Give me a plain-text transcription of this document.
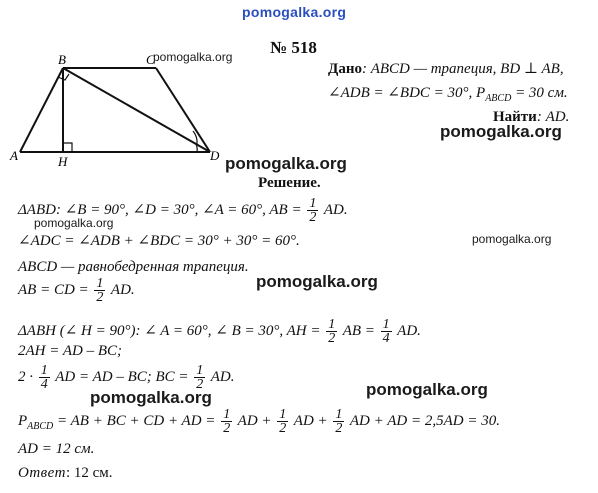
pomogalka.org
№ 518
A
B	C
D
H
pomogalka.org
Дано: ABCD — трапеция, BD ⊥ AB,
∠ADB = ∠BDC = 30°, $P_{ABCD} = 30$ см.
Найти: AD.
pomogalka.org
pomogalka.org
Решение.
ΔABD: ∠B = 90°, ∠D = 30°, ∠A = 60°, AB = $\frac{1}{2}$ AD.
pomogalka.org
∠ADC = ∠ADB + ∠BDC = 30° + 30° = 60°.	pomogalka.org
ABCD — равнобедренная трапеция.
pomogalka.org
AB = CD = $\frac{1}{2}$ AD.
ΔABH (∠ H = 90°): ∠ A = 60°, ∠ B = 30°, AH = $\frac{1}{2}$ AB = $\frac{1}{4}$ AD.
2AH = AD – BC;
$2 \cdot \frac{1}{4}$ AD = AD – BC; BC = $\frac{1}{2}$ AD.
pomogalka.org
pomogalka.org
$P_{ABCD}$ = AB + BC + CD + AD = $\frac{1}{2}$ AD + $\frac{1}{2}$ AD + $\frac{1}{2}$ AD + AD = 2,5AD = 30.
AD = 12 см.
Ответ: 12 см.
